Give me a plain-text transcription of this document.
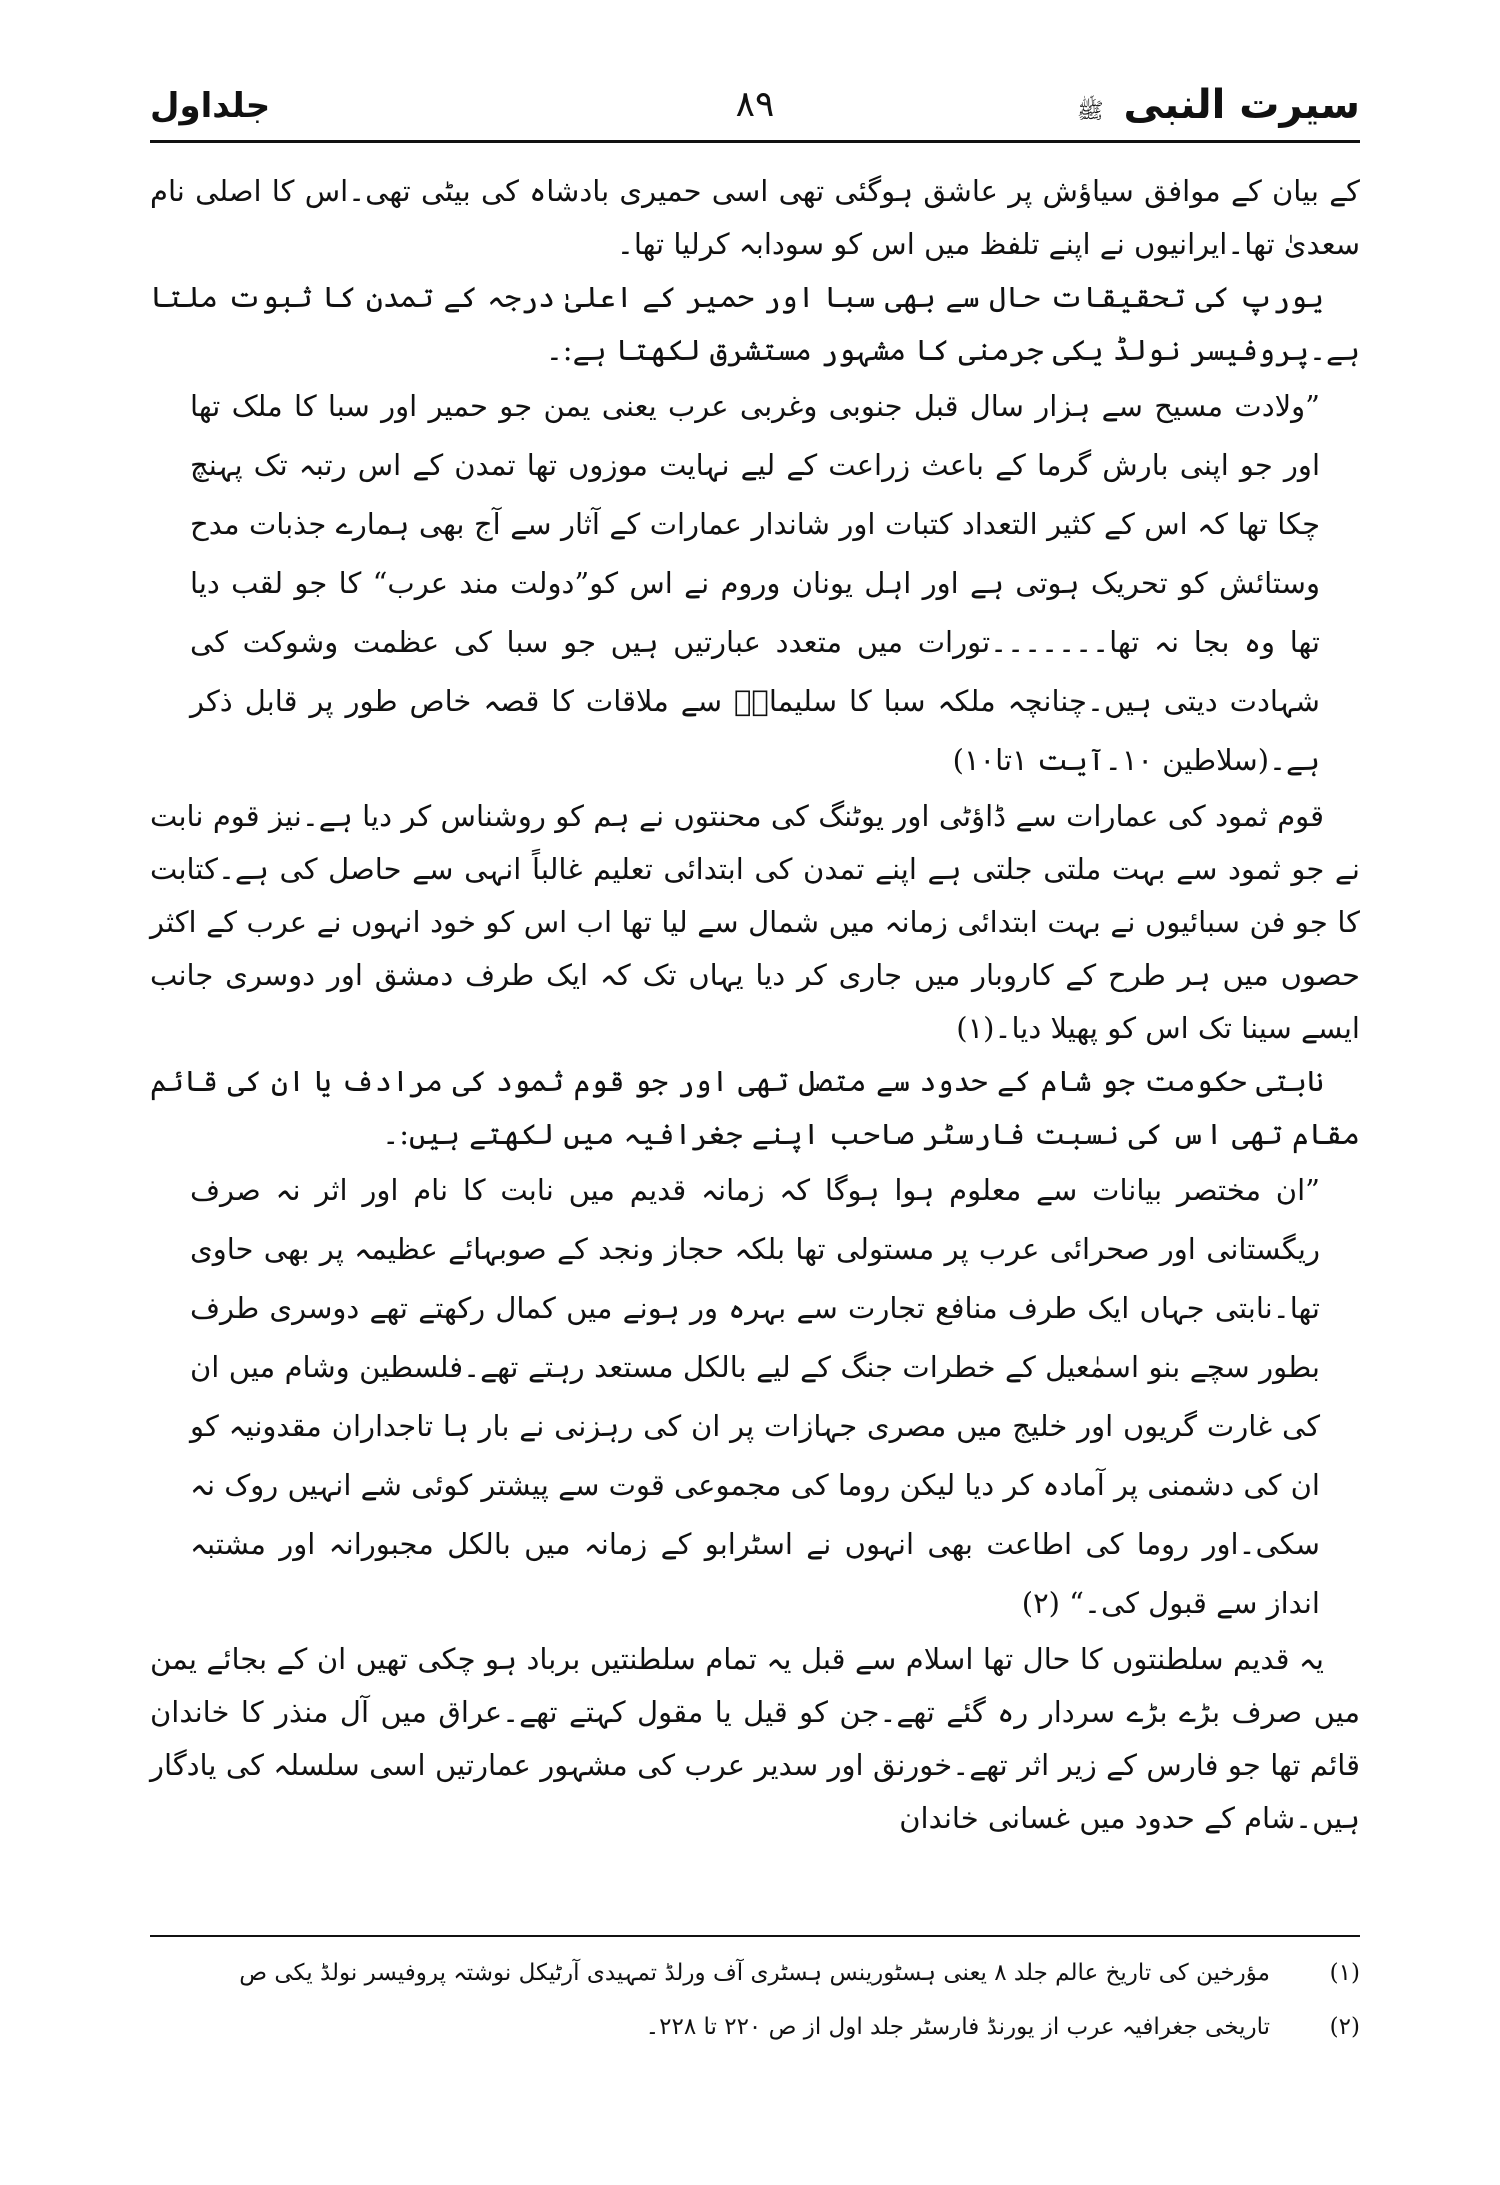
سیرت النبی ﷺ
۸۹
جلداول

کے بیان کے موافق سیاؤش پر عاشق ہوگئی تھی اسی حمیری بادشاہ کی بیٹی تھی۔اس کا اصلی نام سعدیٰ تھا۔ایرانیوں نے اپنے تلفظ میں اس کو سودابہ کرلیا تھا۔

یورپ کی تحقیقات حال سے بھی سبا اور حمیر کے اعلیٰ درجہ کے تمدن کا ثبوت ملتا ہے۔پروفیسر نولڈ یکی جرمنی کا مشہور مستشرق لکھتا ہے:۔

”ولادت مسیح سے ہزار سال قبل جنوبی وغربی عرب یعنی یمن جو حمیر اور سبا کا ملک تھا اور جو اپنی بارش گرما کے باعث زراعت کے لیے نہایت موزوں تھا تمدن کے اس رتبہ تک پہنچ چکا تھا کہ اس کے کثیر التعداد کتبات اور شاندار عمارات کے آثار سے آج بھی ہمارے جذبات مدح وستائش کو تحریک ہوتی ہے اور اہل یونان وروم نے اس کو”دولت مند عرب“ کا جو لقب دیا تھا وہ بجا نہ تھا۔۔۔۔۔۔۔تورات میں متعدد عبارتیں ہیں جو سبا کی عظمت وشوکت کی شہادت دیتی ہیں۔چنانچہ ملکہ سبا کا سلیمانؑ سے ملاقات کا قصہ خاص طور پر قابل ذکر ہے۔(سلاطین ۱۰۔آیت ۱تا۱۰)

قوم ثمود کی عمارات سے ڈاؤٹی اور یوٹنگ کی محنتوں نے ہم کو روشناس کر دیا ہے۔نیز قوم نابت نے جو ثمود سے بہت ملتی جلتی ہے اپنے تمدن کی ابتدائی تعلیم غالباً انہی سے حاصل کی ہے۔کتابت کا جو فن سبائیوں نے بہت ابتدائی زمانہ میں شمال سے لیا تھا اب اس کو خود انہوں نے عرب کے اکثر حصوں میں ہر طرح کے کاروبار میں جاری کر دیا یہاں تک کہ ایک طرف دمشق اور دوسری جانب ایسے سینا تک اس کو پھیلا دیا۔(۱)

نابتی حکومت جو شام کے حدود سے متصل تھی اور جو قوم ثمود کی مرادف یا ان کی قائم مقام تھی اس کی نسبت فارسٹر صاحب اپنے جغرافیہ میں لکھتے ہیں:۔

”ان مختصر بیانات سے معلوم ہوا ہوگا کہ زمانہ قدیم میں نابت کا نام اور اثر نہ صرف ریگستانی اور صحرائی عرب پر مستولی تھا بلکہ حجاز ونجد کے صوبہائے عظیمہ پر بھی حاوی تھا۔نابتی جہاں ایک طرف منافع تجارت سے بہرہ ور ہونے میں کمال رکھتے تھے دوسری طرف بطور سچے بنو اسمٰعیل کے خطرات جنگ کے لیے بالکل مستعد رہتے تھے۔فلسطین وشام میں ان کی غارت گریوں اور خلیج میں مصری جہازات پر ان کی رہزنی نے بار ہا تاجداران مقدونیہ کو ان کی دشمنی پر آمادہ کر دیا لیکن روما کی مجموعی قوت سے پیشتر کوئی شے انہیں روک نہ سکی۔اور روما کی اطاعت بھی انہوں نے اسٹرابو کے زمانہ میں بالکل مجبورانہ اور مشتبہ انداز سے قبول کی۔“ (۲)

یہ قدیم سلطنتوں کا حال تھا اسلام سے قبل یہ تمام سلطنتیں برباد ہو چکی تھیں ان کے بجائے یمن میں صرف بڑے بڑے سردار رہ گئے تھے۔جن کو قیل یا مقول کہتے تھے۔عراق میں آل منذر کا خاندان قائم تھا جو فارس کے زیر اثر تھے۔خورنق اور سدیر عرب کی مشہور عمارتیں اسی سلسلہ کی یادگار ہیں۔شام کے حدود میں غسانی خاندان

(۱)
مؤرخین کی تاریخ عالم جلد ۸ یعنی ہسٹورینس ہسٹری آف ورلڈ تمہیدی آرٹیکل نوشتہ پروفیسر نولڈ یکی ص
(۲)
تاریخی جغرافیہ عرب از یورنڈ فارسٹر جلد اول از ص ۲۲۰ تا ۲۲۸۔
